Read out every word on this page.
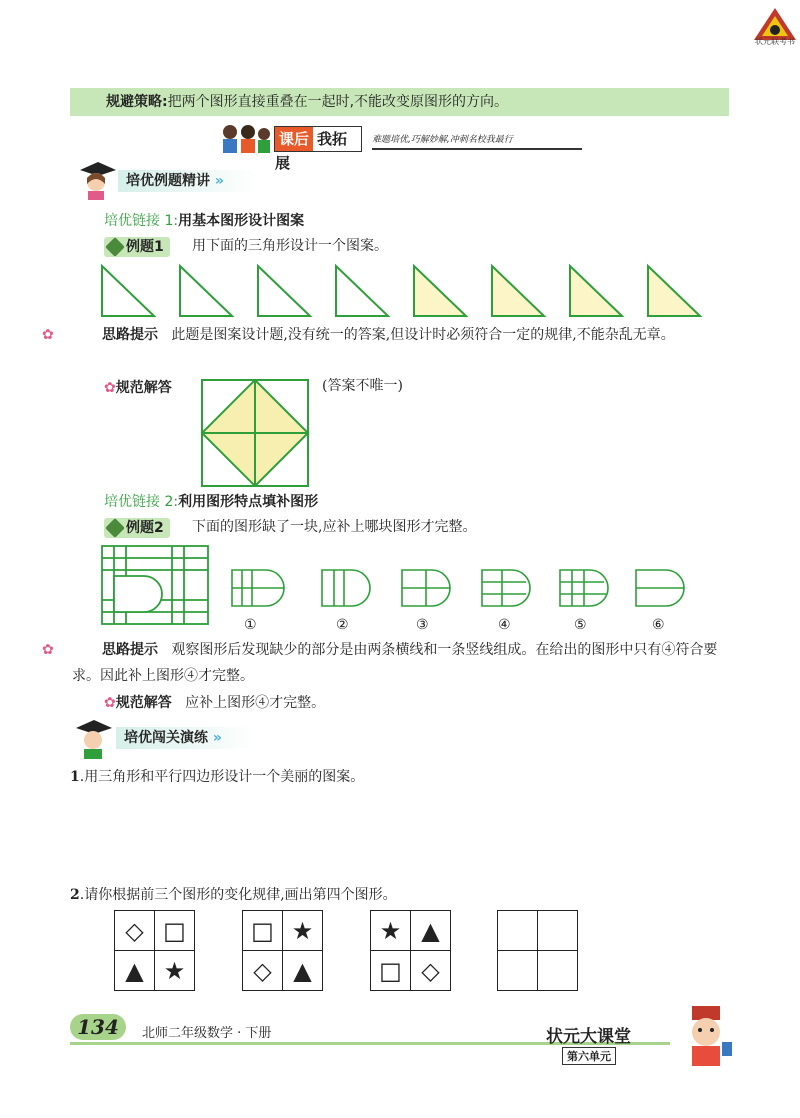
状元联考书
规避策略:把两个图形直接重叠在一起时,不能改变原图形的方向。
课后 我拓展
难题培优,巧解妙解,冲刺名校我最行
培优例题精讲 »
培优链接 1:用基本图形设计图案
例题1	用下面的三角形设计一个图案。
✿	思路提示 此题是图案设计题,没有统一的答案,但设计时必须符合一定的规律,不能杂乱无章。
✿规范解答	(答案不唯一)
培优链接 2:利用图形特点填补图形
例题2	下面的图形缺了一块,应补上哪块图形才完整。
①	②	③	④	⑤	⑥
✿	思路提示 观察图形后发现缺少的部分是由两条横线和一条竖线组成。在给出的图形中只有④符合要求。因此补上图形④才完整。
✿规范解答 应补上图形④才完整。
培优闯关演练 »
1.用三角形和平行四边形设计一个美丽的图案。
2.请你根据前三个图形的变化规律,画出第四个图形。
◇	□
▲	★
□	★
◇	▲
★	▲
□	◇

134	北师二年级数学 · 下册	状元大课堂
第六单元
